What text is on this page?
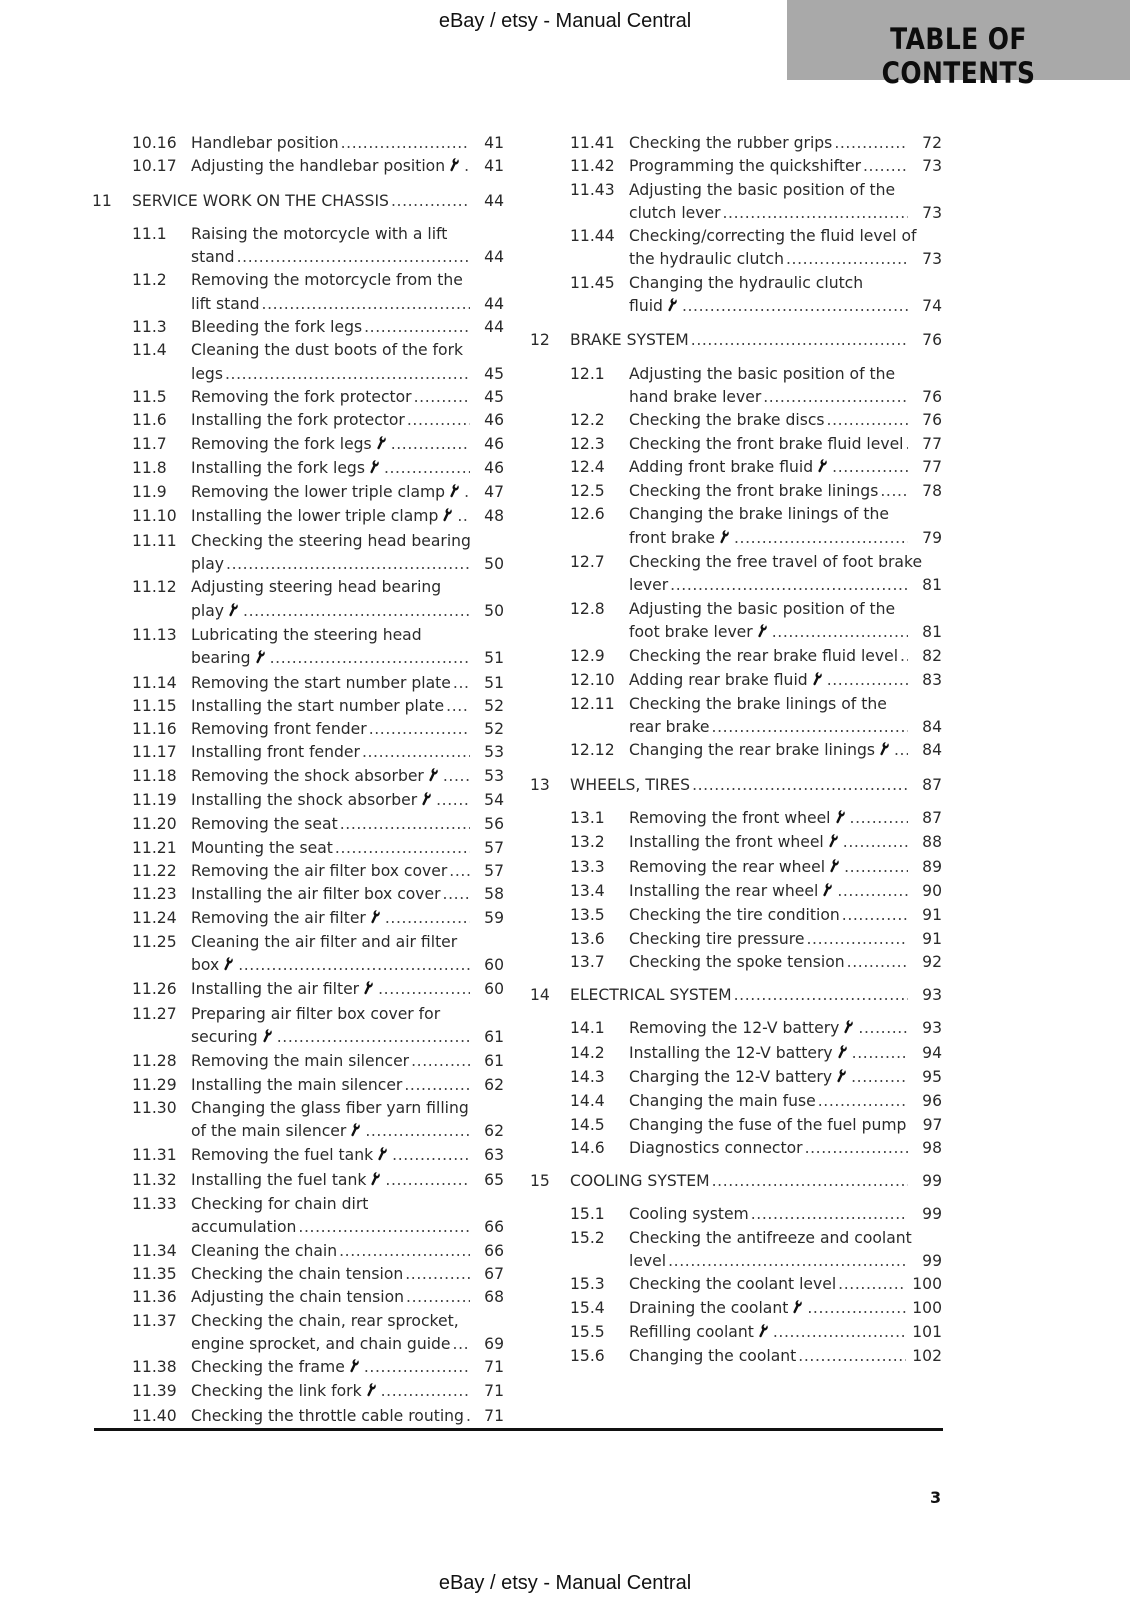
eBay / etsy - Manual Central
TABLE OF CONTENTS
10.16 Handlebar position .....	41
10.17 Adjusting the handlebar position .....	41
11 SERVICE WORK ON THE CHASSIS .....	44
11.1 Raising the motorcycle with a lift
stand .....	44
11.2 Removing the motorcycle from the
lift stand .....	44
11.3 Bleeding the fork legs .....	44
11.4 Cleaning the dust boots of the fork
legs .....	45
11.5 Removing the fork protector .....	45
11.6 Installing the fork protector .....	46
11.7 Removing the fork legs .....	46
11.8 Installing the fork legs .....	46
11.9 Removing the lower triple clamp .....	47
11.10 Installing the lower triple clamp .....	48
11.11 Checking the steering head bearing
play .....	50
11.12 Adjusting steering head bearing
play .....	50
11.13 Lubricating the steering head
bearing .....	51
11.14 Removing the start number plate .....	51
11.15 Installing the start number plate .....	52
11.16 Removing front fender .....	52
11.17 Installing front fender .....	53
11.18 Removing the shock absorber .....	53
11.19 Installing the shock absorber .....	54
11.20 Removing the seat .....	56
11.21 Mounting the seat .....	57
11.22 Removing the air filter box cover .....	57
11.23 Installing the air filter box cover .....	58
11.24 Removing the air filter .....	59
11.25 Cleaning the air filter and air filter
box .....	60
11.26 Installing the air filter .....	60
11.27 Preparing air filter box cover for
securing .....	61
11.28 Removing the main silencer .....	61
11.29 Installing the main silencer .....	62
11.30 Changing the glass fiber yarn filling
of the main silencer .....	62
11.31 Removing the fuel tank .....	63
11.32 Installing the fuel tank .....	65
11.33 Checking for chain dirt
accumulation .....	66
11.34 Cleaning the chain .....	66
11.35 Checking the chain tension .....	67
11.36 Adjusting the chain tension .....	68
11.37 Checking the chain, rear sprocket,
engine sprocket, and chain guide .....	69
11.38 Checking the frame .....	71
11.39 Checking the link fork .....	71
11.40 Checking the throttle cable routing .....	71
11.41 Checking the rubber grips .....	72
11.42 Programming the quickshifter .....	73
11.43 Adjusting the basic position of the
clutch lever .....	73
11.44 Checking/correcting the fluid level of
the hydraulic clutch .....	73
11.45 Changing the hydraulic clutch
fluid .....	74
12 BRAKE SYSTEM .....	76
12.1 Adjusting the basic position of the
hand brake lever .....	76
12.2 Checking the brake discs .....	76
12.3 Checking the front brake fluid level .....	77
12.4 Adding front brake fluid .....	77
12.5 Checking the front brake linings .....	78
12.6 Changing the brake linings of the
front brake .....	79
12.7 Checking the free travel of foot brake
lever .....	81
12.8 Adjusting the basic position of the
foot brake lever .....	81
12.9 Checking the rear brake fluid level .....	82
12.10 Adding rear brake fluid .....	83
12.11 Checking the brake linings of the
rear brake .....	84
12.12 Changing the rear brake linings .....	84
13 WHEELS, TIRES .....	87
13.1 Removing the front wheel .....	87
13.2 Installing the front wheel .....	88
13.3 Removing the rear wheel .....	89
13.4 Installing the rear wheel .....	90
13.5 Checking the tire condition .....	91
13.6 Checking tire pressure .....	91
13.7 Checking the spoke tension .....	92
14 ELECTRICAL SYSTEM .....	93
14.1 Removing the 12-V battery .....	93
14.2 Installing the 12-V battery .....	94
14.3 Charging the 12-V battery .....	95
14.4 Changing the main fuse .....	96
14.5 Changing the fuse of the fuel pump .....	97
14.6 Diagnostics connector .....	98
15 COOLING SYSTEM .....	99
15.1 Cooling system .....	99
15.2 Checking the antifreeze and coolant
level .....	99
15.3 Checking the coolant level .....	100
15.4 Draining the coolant .....	100
15.5 Refilling coolant .....	101
15.6 Changing the coolant .....	102
3
eBay / etsy - Manual Central
